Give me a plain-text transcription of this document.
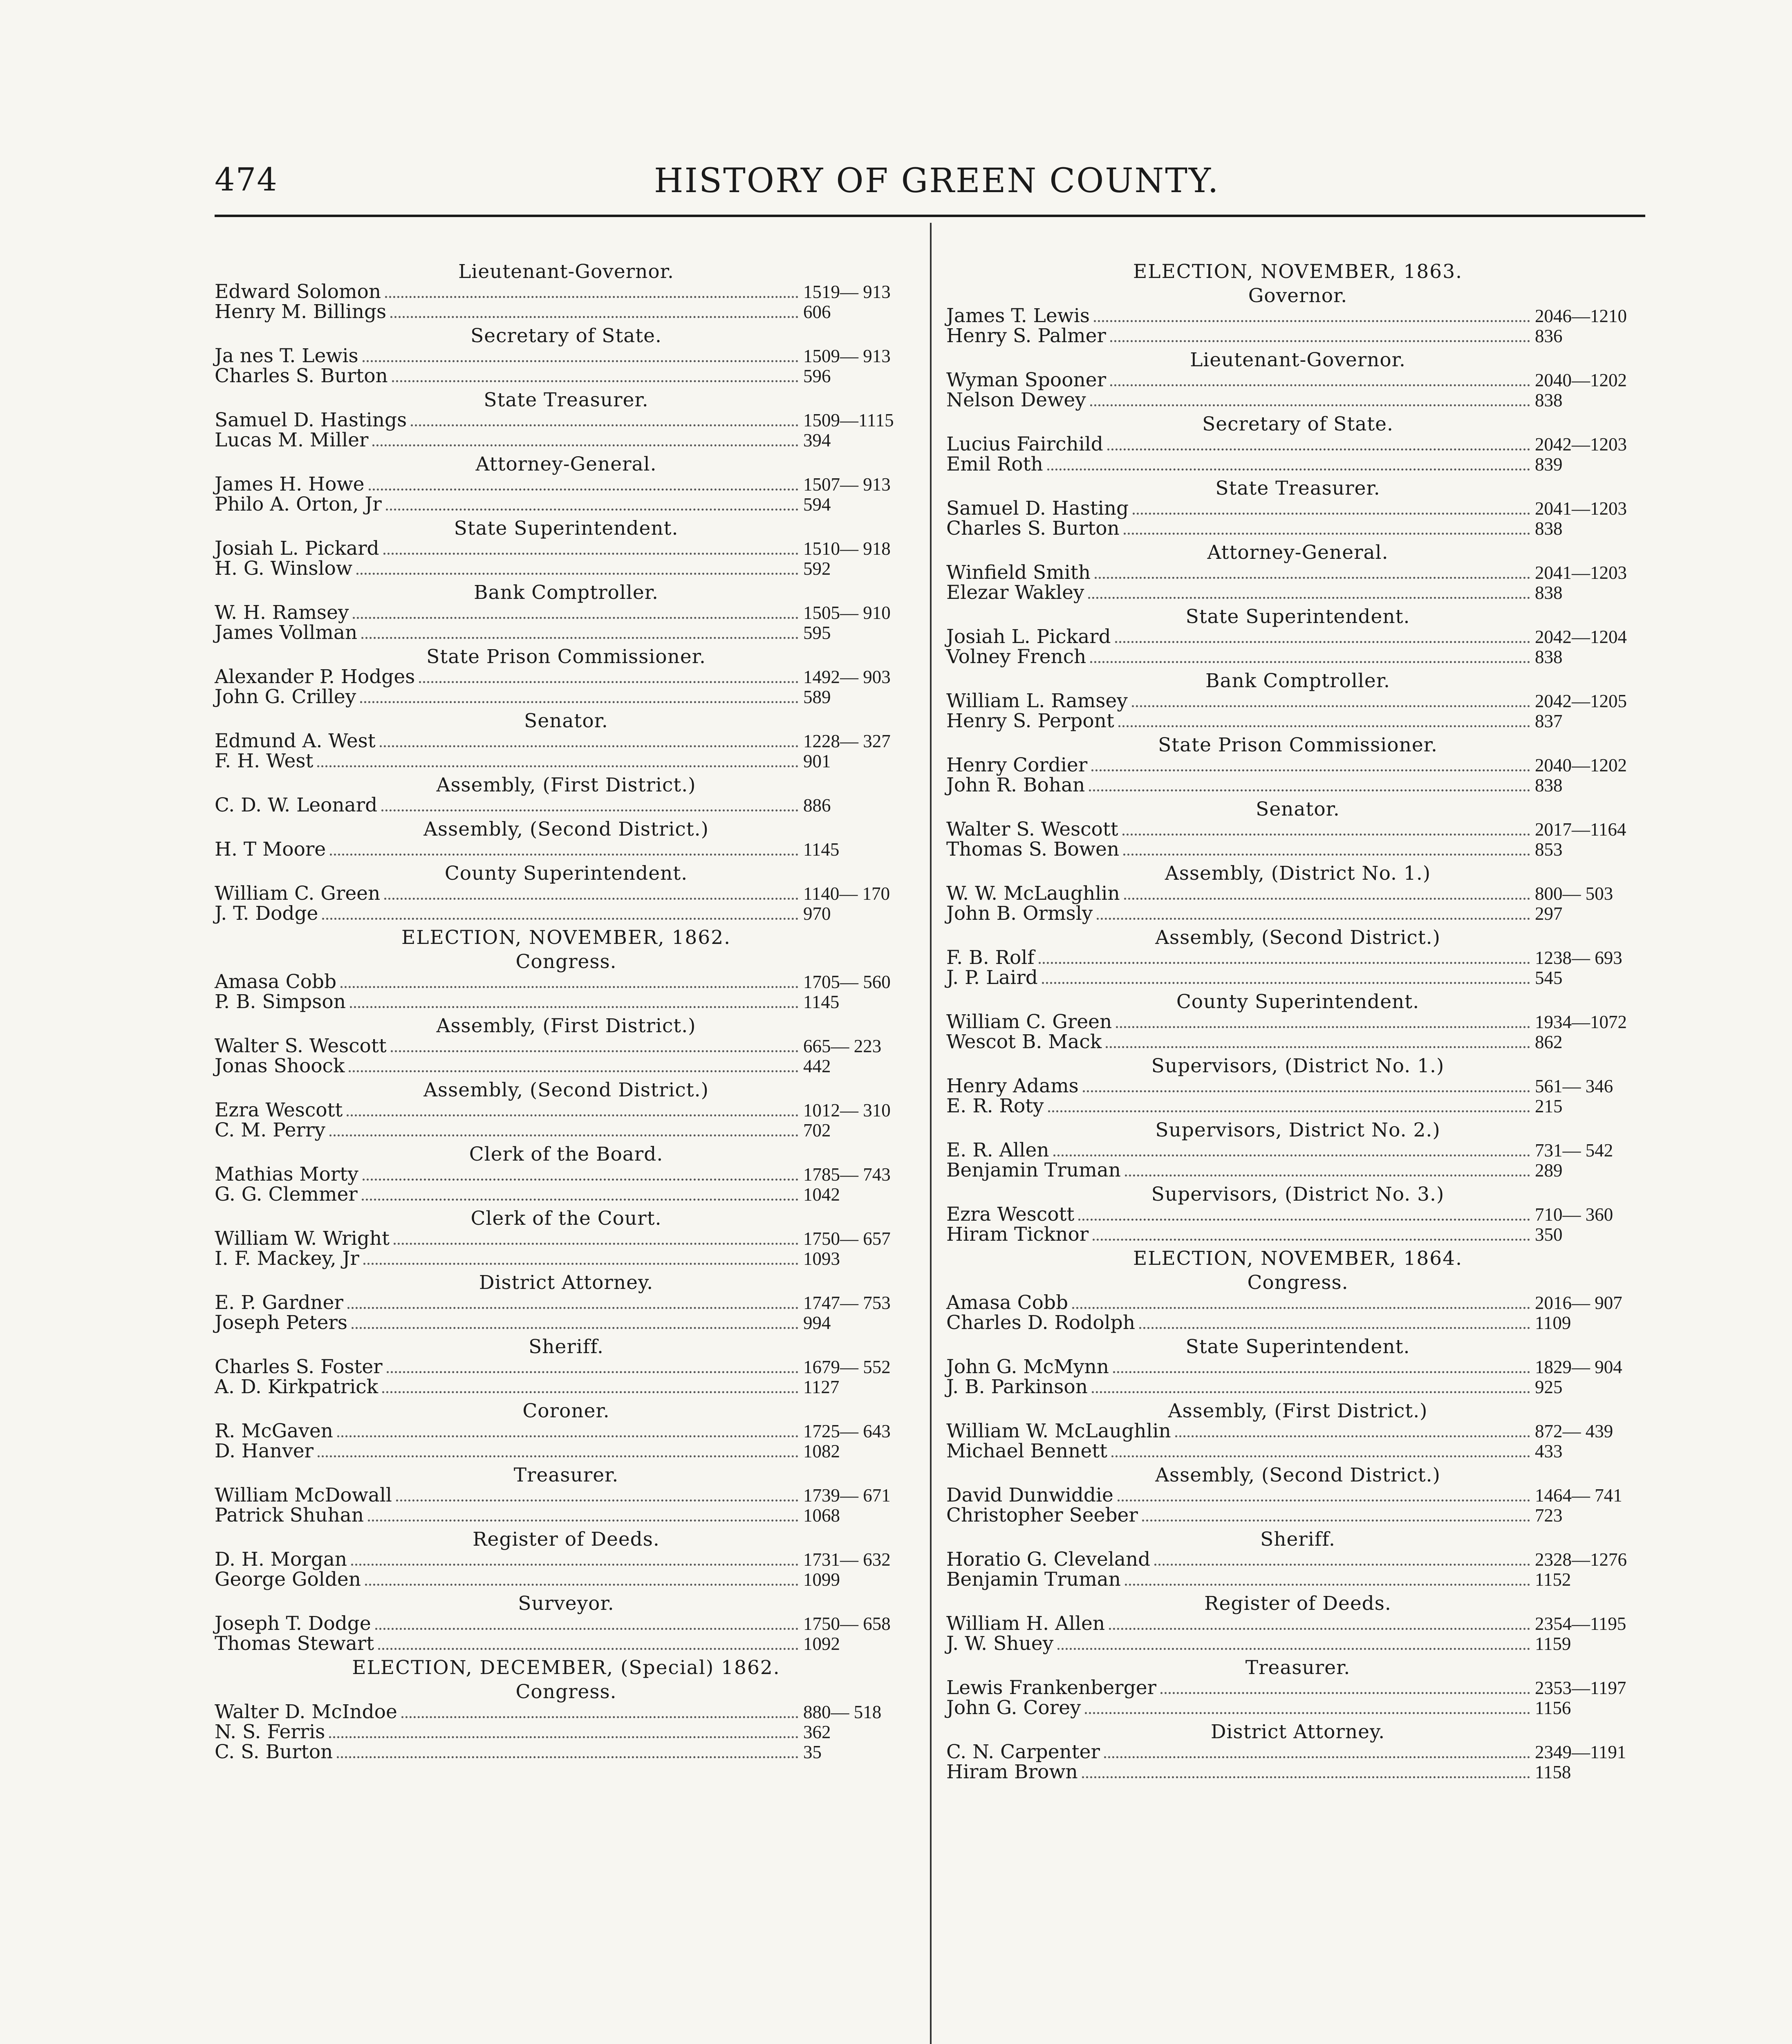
474	HISTORY OF GREEN COUNTY.
Lieutenant-Governor.
Edward Solomon	1519— 913
Henry M. Billings	606
Secretary of State.
Ja nes T. Lewis	1509— 913
Charles S. Burton	596
State Treasurer.
Samuel D. Hastings	1509—1115
Lucas M. Miller	394
Attorney-General.
James H. Howe	1507— 913
Philo A. Orton, Jr	594
State Superintendent.
Josiah L. Pickard	1510— 918
H. G. Winslow	592
Bank Comptroller.
W. H. Ramsey	1505— 910
James Vollman	595
State Prison Commissioner.
Alexander P. Hodges	1492— 903
John G. Crilley	589
Senator.
Edmund A. West	1228— 327
F. H. West	901
Assembly, (First District.)
C. D. W. Leonard	886
Assembly, (Second District.)
H. T Moore	1145
County Superintendent.
William C. Green	1140— 170
J. T. Dodge	970
ELECTION, NOVEMBER, 1862.
Congress.
Amasa Cobb	1705— 560
P. B. Simpson	1145
Assembly, (First District.)
Walter S. Wescott	665— 223
Jonas Shoock	442
Assembly, (Second District.)
Ezra Wescott	1012— 310
C. M. Perry	702
Clerk of the Board.
Mathias Morty	1785— 743
G. G. Clemmer	1042
Clerk of the Court.
William W. Wright	1750— 657
I. F. Mackey, Jr	1093
District Attorney.
E. P. Gardner	1747— 753
Joseph Peters	994
Sheriff.
Charles S. Foster	1679— 552
A. D. Kirkpatrick	1127
Coroner.
R. McGaven	1725— 643
D. Hanver	1082
Treasurer.
William McDowall	1739— 671
Patrick Shuhan	1068
Register of Deeds.
D. H. Morgan	1731— 632
George Golden	1099
Surveyor.
Joseph T. Dodge	1750— 658
Thomas Stewart	1092
ELECTION, DECEMBER, (Special) 1862.
Congress.
Walter D. McIndoe	880— 518
N. S. Ferris	362
C. S. Burton	35
ELECTION, NOVEMBER, 1863.
Governor.
James T. Lewis	2046—1210
Henry S. Palmer	836
Lieutenant-Governor.
Wyman Spooner	2040—1202
Nelson Dewey	838
Secretary of State.
Lucius Fairchild	2042—1203
Emil Roth	839
State Treasurer.
Samuel D. Hasting	2041—1203
Charles S. Burton	838
Attorney-General.
Winfield Smith	2041—1203
Elezar Wakley	838
State Superintendent.
Josiah L. Pickard	2042—1204
Volney French	838
Bank Comptroller.
William L. Ramsey	2042—1205
Henry S. Perpont	837
State Prison Commissioner.
Henry Cordier	2040—1202
John R. Bohan	838
Senator.
Walter S. Wescott	2017—1164
Thomas S. Bowen	853
Assembly, (District No. 1.)
W. W. McLaughlin	800— 503
John B. Ormsly	297
Assembly, (Second District.)
F. B. Rolf	1238— 693
J. P. Laird	545
County Superintendent.
William C. Green	1934—1072
Wescot B. Mack	862
Supervisors, (District No. 1.)
Henry Adams	561— 346
E. R. Roty	215
Supervisors, District No. 2.)
E. R. Allen	731— 542
Benjamin Truman	289
Supervisors, (District No. 3.)
Ezra Wescott	710— 360
Hiram Ticknor	350
ELECTION, NOVEMBER, 1864.
Congress.
Amasa Cobb	2016— 907
Charles D. Rodolph	1109
State Superintendent.
John G. McMynn	1829— 904
J. B. Parkinson	925
Assembly, (First District.)
William W. McLaughlin	872— 439
Michael Bennett	433
Assembly, (Second District.)
David Dunwiddie	1464— 741
Christopher Seeber	723
Sheriff.
Horatio G. Cleveland	2328—1276
Benjamin Truman	1152
Register of Deeds.
William H. Allen	2354—1195
J. W. Shuey	1159
Treasurer.
Lewis Frankenberger	2353—1197
John G. Corey	1156
District Attorney.
C. N. Carpenter	2349—1191
Hiram Brown	1158
